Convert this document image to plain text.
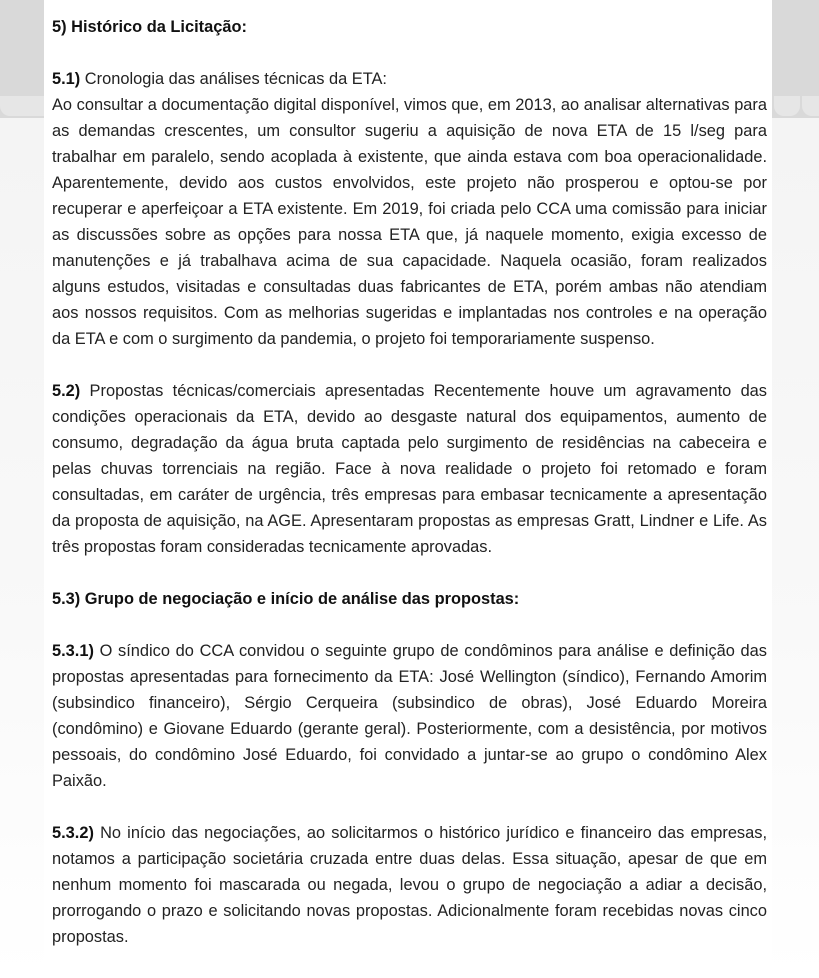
5) Histórico da Licitação:

5.1) Cronologia das análises técnicas da ETA:

Ao consultar a documentação digital disponível, vimos que, em 2013, ao analisar alternativas para as demandas crescentes, um consultor sugeriu a aquisição de nova ETA de 15 l/seg para trabalhar em paralelo, sendo acoplada à existente, que ainda estava com boa operacionalidade. Aparentemente, devido aos custos envolvidos, este projeto não prosperou e optou-se por recuperar e aperfeiçoar a ETA existente. Em 2019, foi criada pelo CCA uma comissão para iniciar as discussões sobre as opções para nossa ETA que, já naquele momento, exigia excesso de manutenções e já trabalhava acima de sua capacidade. Naquela ocasião, foram realizados alguns estudos, visitadas e consultadas duas fabricantes de ETA, porém ambas não atendiam aos nossos requisitos. Com as melhorias sugeridas e implantadas nos controles e na operação da ETA e com o surgimento da pandemia, o projeto foi temporariamente suspenso.

5.2) Propostas técnicas/comerciais apresentadas Recentemente houve um agravamento das condições operacionais da ETA, devido ao desgaste natural dos equipamentos, aumento de consumo, degradação da água bruta captada pelo surgimento de residências na cabeceira e pelas chuvas torrenciais na região. Face à nova realidade o projeto foi retomado e foram consultadas, em caráter de urgência, três empresas para embasar tecnicamente a apresentação da proposta de aquisição, na AGE. Apresentaram propostas as empresas Gratt, Lindner e Life. As três propostas foram consideradas tecnicamente aprovadas.

5.3) Grupo de negociação e início de análise das propostas:

5.3.1) O síndico do CCA convidou o seguinte grupo de condôminos para análise e definição das propostas apresentadas para fornecimento da ETA: José Wellington (síndico), Fernando Amorim (subsindico financeiro), Sérgio Cerqueira (subsindico de obras), José Eduardo Moreira (condômino) e Giovane Eduardo (gerante geral). Posteriormente, com a desistência, por motivos pessoais, do condômino José Eduardo, foi convidado a juntar-se ao grupo o condômino Alex Paixão.

5.3.2) No início das negociações, ao solicitarmos o histórico jurídico e financeiro das empresas, notamos a participação societária cruzada entre duas delas. Essa situação, apesar de que em nenhum momento foi mascarada ou negada, levou o grupo de negociação a adiar a decisão, prorrogando o prazo e solicitando novas propostas. Adicionalmente foram recebidas novas cinco propostas.
